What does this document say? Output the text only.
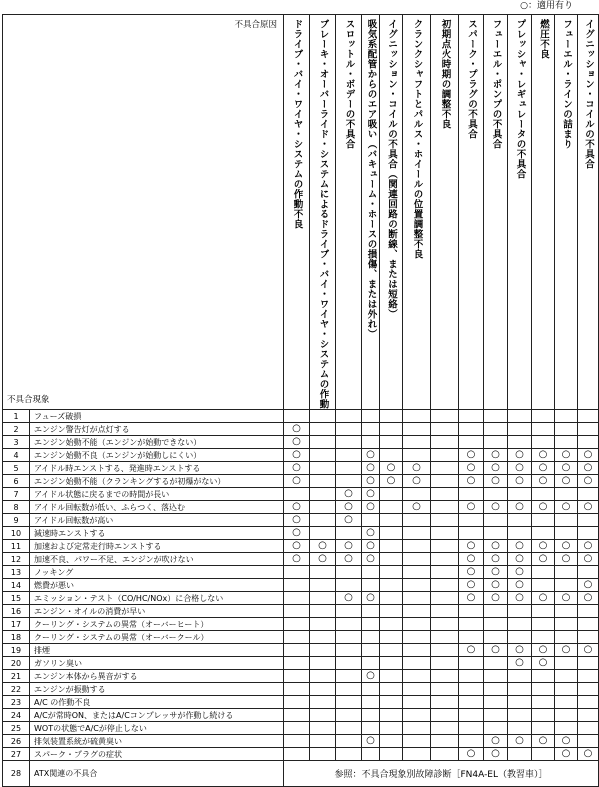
○：適用有り
不具合原因
不具合現象		ドライブ・バイ・ワイヤ・システムの作動不良	ブレーキ・オーバーライド・システムによるドライブ・バイ・ワイヤ・システムの作動	スロットル・ボデーの不具合	吸気系配管からのエア吸い（バキューム・ホースの損傷、または外れ）	イグニッション・コイルの不具合（関連回路の断線、または短絡）	クランクシャフトとパルス・ホイールの位置調整不良	初期点火時期の調整不良	スパーク・プラグの不具合	フューエル・ポンプの不具合	プレッシャ・レギュレータの不具合	燃圧不良	フューエル・ラインの詰まり	イグニッション・コイルの不具合

1	フューズ破損													
2	エンジン警告灯が点灯する	○												
3	エンジン始動不能（エンジンが始動できない）	○												
4	エンジン始動不良（エンジンが始動しにくい）	○			○				○	○	○	○	○	○
5	アイドル時エンストする、発進時エンストする	○			○	○	○		○	○	○	○	○	○
6	エンジン始動不能（クランキングするが初爆がない）	○			○	○	○		○	○	○	○	○	○
7	アイドル状態に戻るまでの時間が長い			○	○									
8	アイドル回転数が低い、ふらつく、落込む	○		○	○		○		○	○	○	○	○	○
9	アイドル回転数が高い	○		○										
10	減速時エンストする	○			○									
11	加速および定常走行時エンストする	○	○	○	○				○	○	○	○	○	○
12	加速不良、パワー不足、エンジンが吹けない	○	○	○	○				○	○	○	○	○	○
13	ノッキング								○	○	○			
14	燃費が悪い								○	○	○			○
15	エミッション・テスト（CO/HC/NOx）に合格しない			○	○				○	○	○	○	○	○
16	エンジン・オイルの消費が早い													
17	クーリング・システムの異常（オーバーヒート）													
18	クーリング・システムの異常（オーバークール）													
19	排煙								○	○	○	○	○	○
20	ガソリン臭い										○	○		
21	エンジン本体から異音がする				○									
22	エンジンが振動する													
23	A/C の作動不良													
24	A/Cが常時ON、またはA/Cコンプレッサが作動し続ける													
25	WOTの状態でA/Cが停止しない													
26	排気装置系統が硫黄臭い				○					○	○	○	○	
27	スパーク・プラグの症状								○	○			○	○
28	ATX関連の不具合	参照：不具合現象別故障診断［FN4A-EL（教習車）］												
